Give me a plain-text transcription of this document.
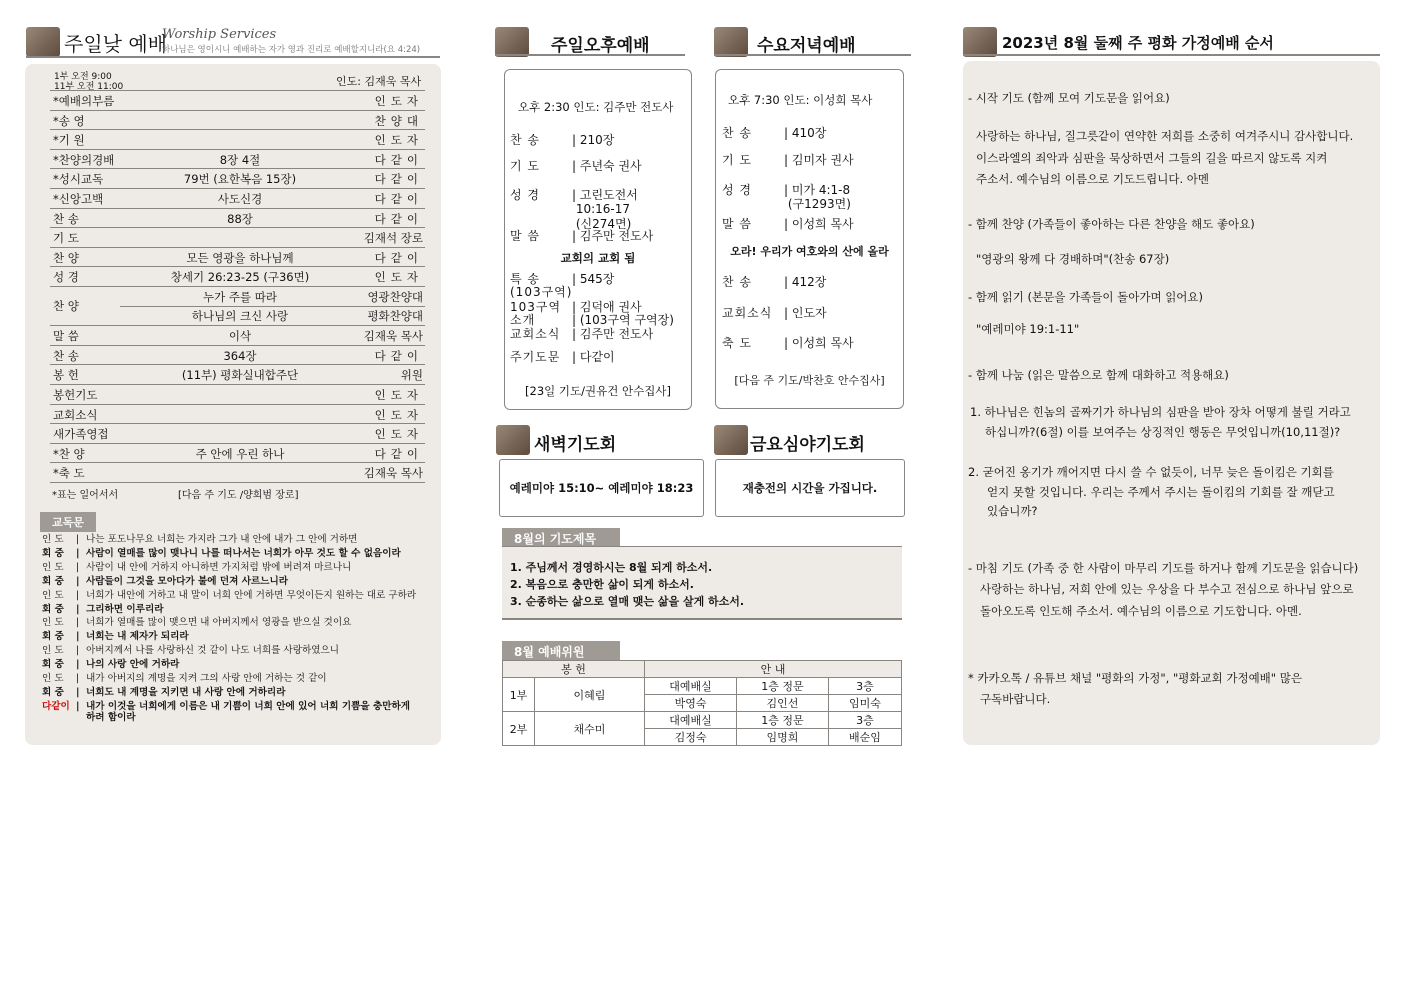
주일낮 예배
Worship Services
하나님은 영이시니 예배하는 자가 영과 진리로 예배할지니라(요 4:24)
1부 오전 9:00
11부 오전 11:00	인도: 김재욱 목사
*예배의부름	인도자
*송 영	찬양대
*기 원	인도자
*찬양의경배	8장 4절	다같이
*성시교독	79번 (요한복음 15장)	다같이
*신앙고백	사도신경	다같이
찬 송	88장	다같이
기 도	김재석 장로
찬 양	모든 영광을 하나님께	다같이
성 경	창세기 26:23-25 (구36면)	인도자
찬 양
누가 주를 따라	영광찬양대
하나님의 크신 사랑	평화찬양대
말 씀	이삭	김재욱 목사
찬 송	364장	다같이
봉 헌	(11부) 평화실내합주단	위원
봉헌기도	인도자
교회소식	인도자
새가족영접	인도자
*찬 양	주 안에 우린 하나	다같이
*축 도	김재욱 목사
*표는 일어서서	[다음 주 기도 /양희범 장로]
교독문
인 도 | 나는 포도나무요 너희는 가지라 그가 내 안에 내가 그 안에 거하면
회 중 | 사람이 열매를 많이 맺나니 나를 떠나서는 너희가 아무 것도 할 수 없음이라
인 도 | 사람이 내 안에 거하지 아니하면 가지처럼 밖에 버려져 마르나니
회 중 | 사람들이 그것을 모아다가 불에 던져 사르느니라
인 도 | 너희가 내안에 거하고 내 말이 너희 안에 거하면 무엇이든지 원하는 대로 구하라
회 중 | 그리하면 이루리라
인 도 | 너희가 열매를 많이 맺으면 내 아버지께서 영광을 받으실 것이요
회 중 | 너희는 내 제자가 되리라
인 도 | 아버지께서 나를 사랑하신 것 같이 나도 너희를 사랑하였으니
회 중 | 나의 사랑 안에 거하라
인 도 | 내가 아버지의 계명을 지켜 그의 사랑 안에 거하는 것 같이
회 중 | 너희도 내 계명을 지키면 내 사랑 안에 거하리라
다같이 | 내가 이것을 너희에게 이름은 내 기쁨이 너희 안에 있어 너희 기쁨을 충만하게
하려 함이라
주일오후예배
오후 2:30 인도: 김주만 전도사
찬 송	| 210장
기 도	| 주년숙 권사
성 경	| 고린도전서
10:16-17
(신274면)
말 씀	| 김주만 전도사
특 송	| 545장
(103구역)
103구역 | 김덕애 권사
소개	| (103구역 구역장)
교회소식 | 김주만 전도사
주기도문 | 다같이
교회의 교회 됨
[23일 기도/권유건 안수집사]
수요저녁예배
오후 7:30 인도: 이성희 목사
찬 송	| 410장
기 도	| 김미자 권사
성 경	| 미가 4:1-8
(구1293면)
말 씀	| 이성희 목사
찬 송	| 412장
교회소식 | 인도자
축 도	| 이성희 목사
오라! 우리가 여호와의 산에 올라
[다음 주 기도/박찬호 안수집사]
새벽기도회
예레미야 15:10~ 예레미야 18:23
금요심야기도회
재충전의 시간을 가집니다.
8월의 기도제목
1. 주님께서 경영하시는 8월 되게 하소서.
2. 복음으로 충만한 삶이 되게 하소서.
3. 순종하는 삶으로 열매 맺는 삶을 살게 하소서.
8월 예배위원
봉 헌		안 내		
1부	이혜림	대예배실	1층 정문	3층
		박영숙	김인선	임미숙
2부	채수미	대예배실	1층 정문	3층
		김정숙	임명희	배순임
2023년 8월 둘째 주 평화 가정예배 순서
- 시작 기도 (함께 모여 기도문을 읽어요)
사랑하는 하나님, 질그릇같이 연약한 저희를 소중히 여겨주시니 감사합니다.
이스라엘의 죄악과 심판을 묵상하면서 그들의 길을 따르지 않도록 지켜
주소서. 예수님의 이름으로 기도드립니다. 아멘
- 함께 찬양 (가족들이 좋아하는 다른 찬양을 해도 좋아요)
"영광의 왕께 다 경배하며"(찬송 67장)
- 함께 읽기 (본문을 가족들이 돌아가며 읽어요)
"예레미야 19:1-11"
- 함께 나눔 (읽은 말씀으로 함께 대화하고 적용해요)
1. 하나님은 힌놈의 골짜기가 하나님의 심판을 받아 장차 어떻게 불릴 거라고
하십니까?(6절) 이를 보여주는 상징적인 행동은 무엇입니까(10,11절)?
2. 굳어진 옹기가 깨어지면 다시 쓸 수 없듯이, 너무 늦은 돌이킴은 기회를
얻지 못할 것입니다. 우리는 주께서 주시는 돌이킴의 기회를 잘 깨닫고
있습니까?
- 마침 기도 (가족 중 한 사람이 마무리 기도를 하거나 함께 기도문을 읽습니다)
사랑하는 하나님, 저희 안에 있는 우상을 다 부수고 전심으로 하나님 앞으로
돌아오도록 인도해 주소서. 예수님의 이름으로 기도합니다. 아멘.
* 카카오톡 / 유튜브 채널 "평화의 가정", "평화교회 가정예배" 많은
구독바랍니다.
